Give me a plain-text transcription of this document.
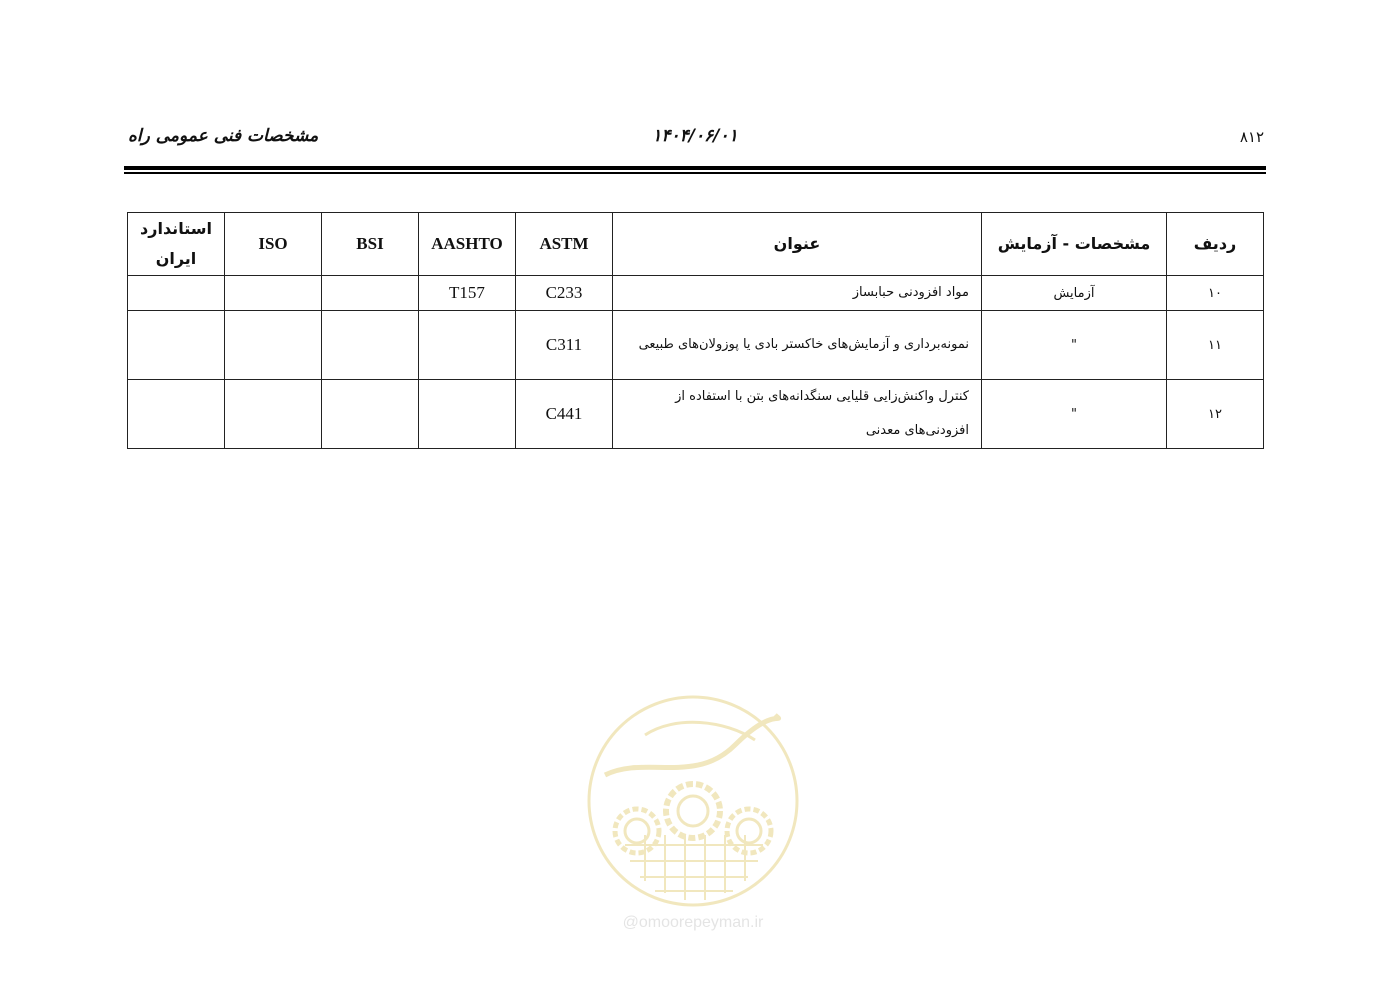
مشخصات فنی عمومی راه	۱۴۰۴/۰۶/۰۱	۸۱۲
ردیف	مشخصات - آزمایش	عنوان	ASTM	AASHTO	BSI	ISO	استاندارد
ایران

۱۰	آزمایش	مواد افزودنی حبابساز	C233	T157			
۱۱	"	نمونه‌برداری و آزمایش‌های خاکستر بادی یا پوزولان‌های طبیعی	C311				
۱۲	"	کنترل واکنش‌زایی قلیایی سنگدانه‌های بتن با استفاده از افزودنی‌های معدنی	C441				
@omoorepeyman.ir
